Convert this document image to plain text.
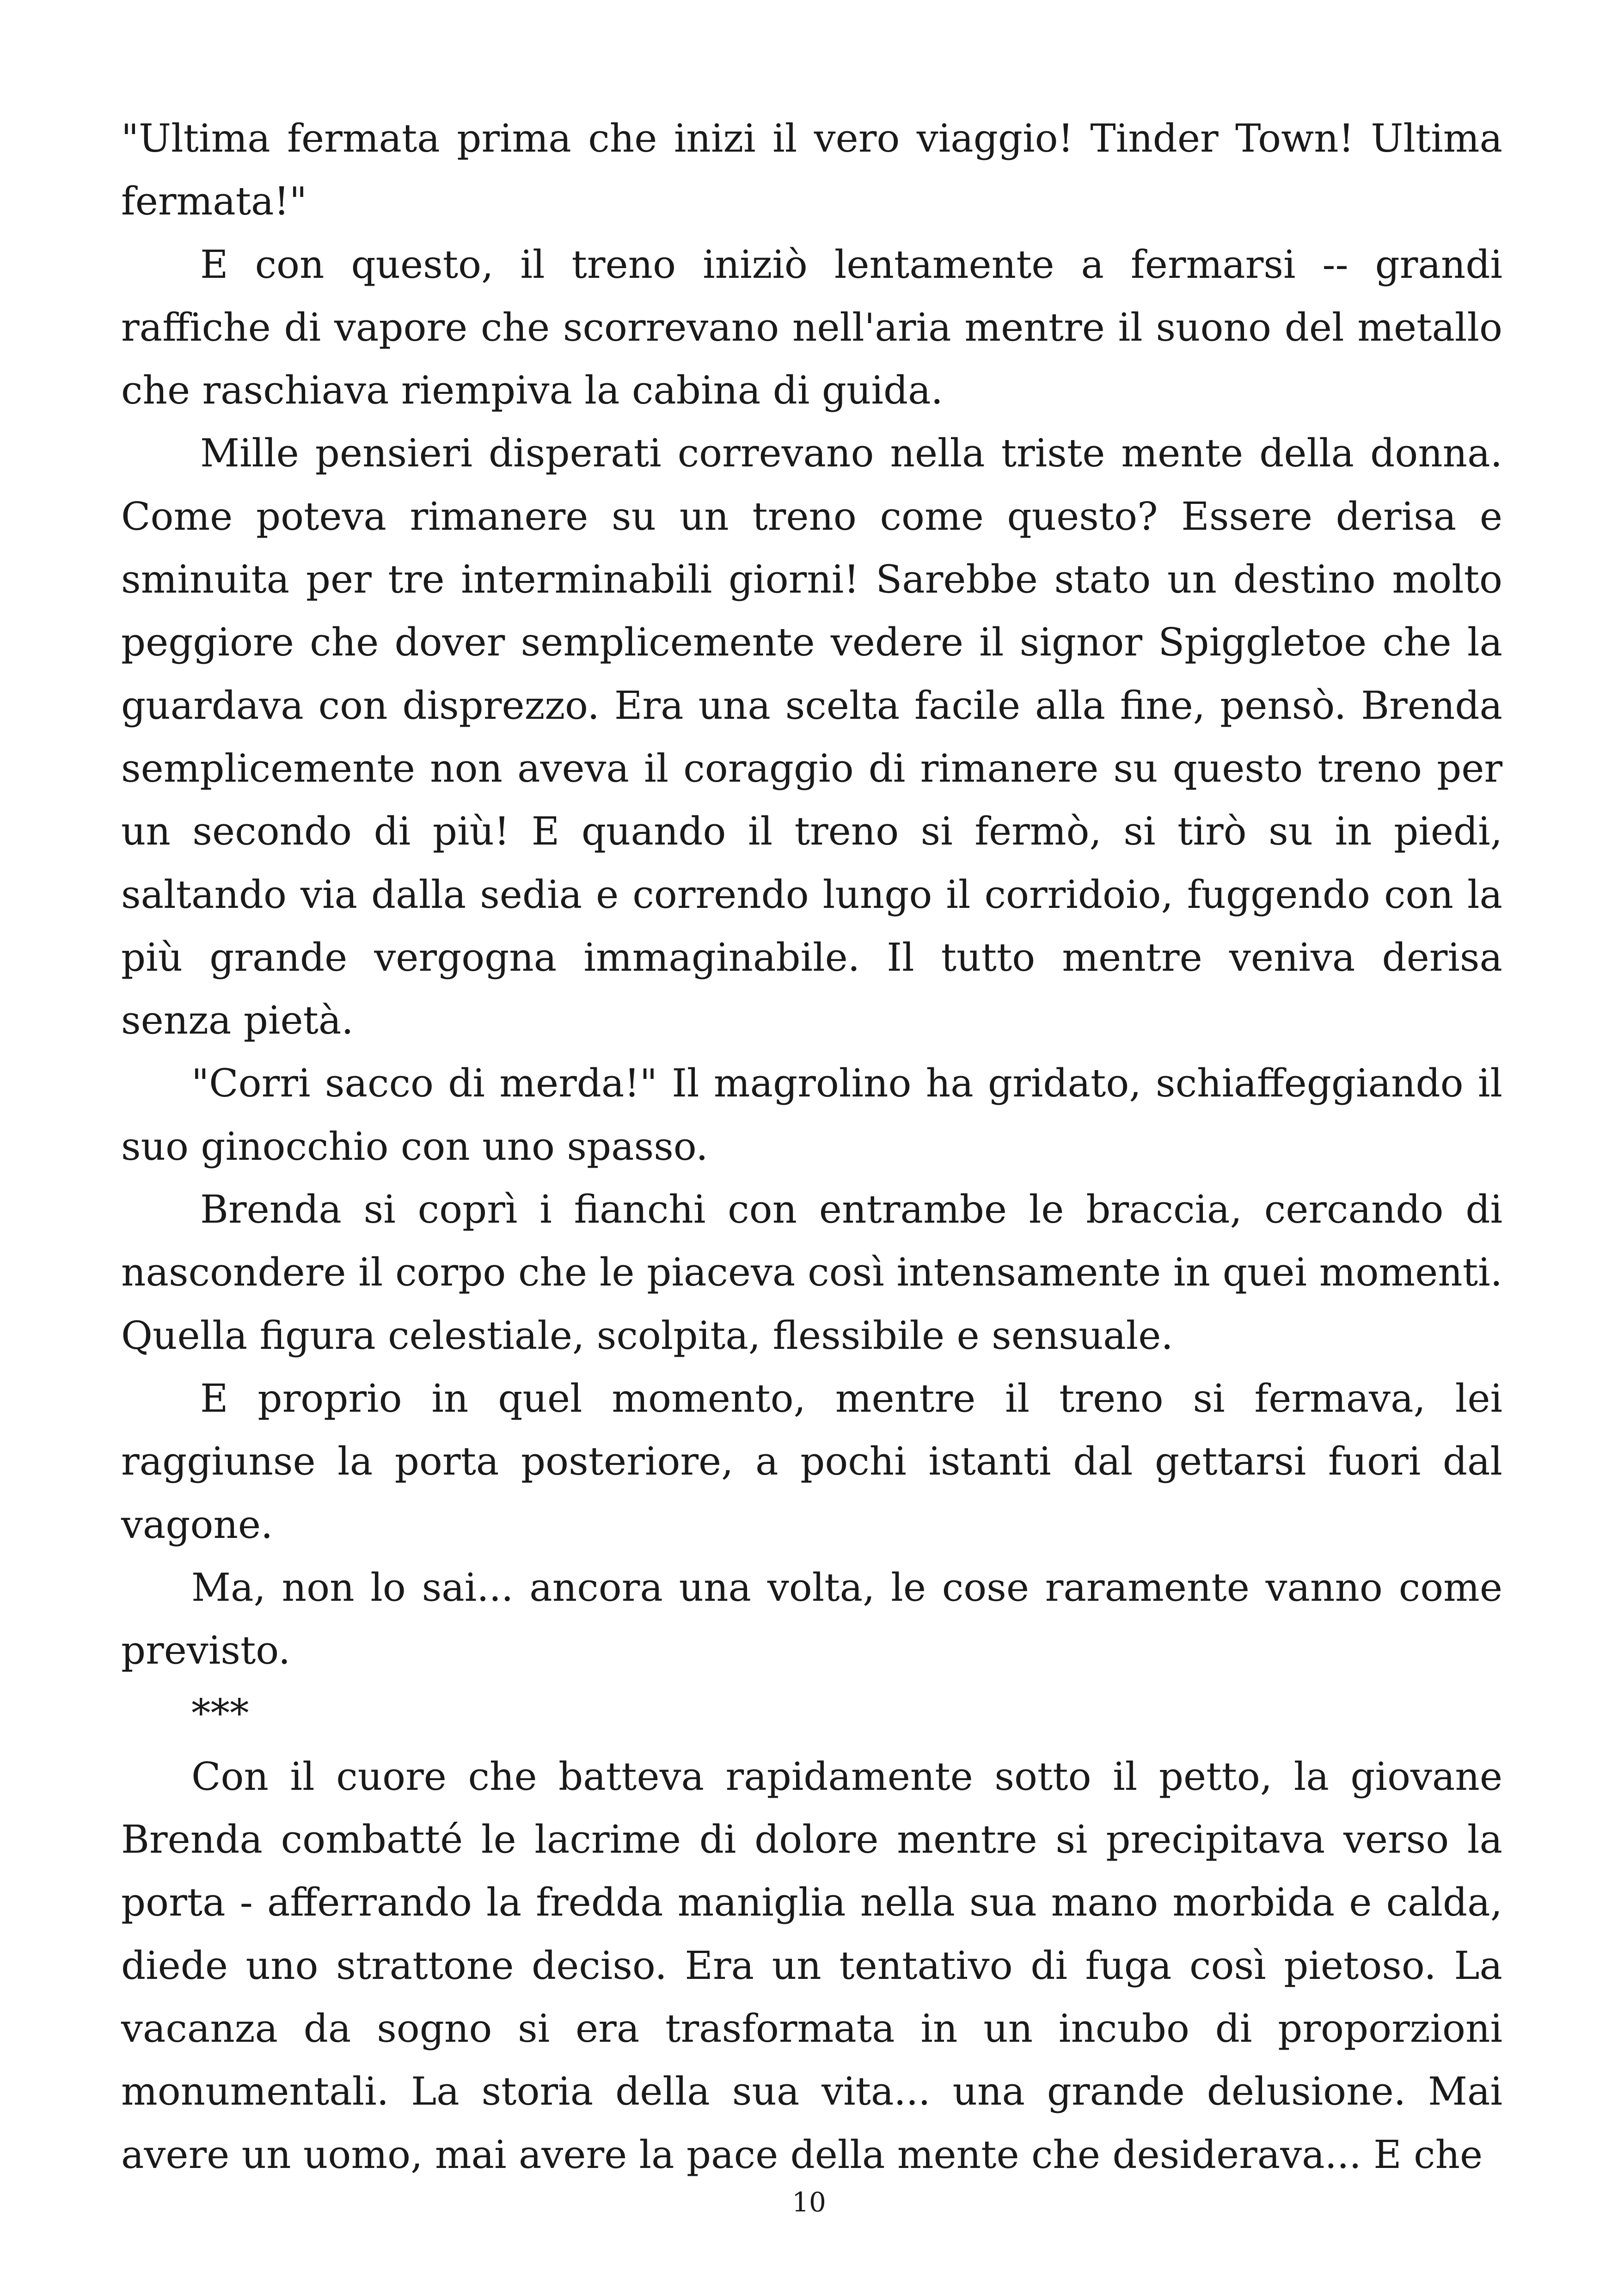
"Ultima fermata prima che inizi il vero viaggio! Tinder Town! Ultima fermata!"

E con questo, il treno iniziò lentamente a fermarsi -- grandi raffiche di vapore che scorrevano nell'aria mentre il suono del metallo che raschiava riempiva la cabina di guida.

Mille pensieri disperati correvano nella triste mente della donna. Come poteva rimanere su un treno come questo? Essere derisa e sminuita per tre interminabili giorni! Sarebbe stato un destino molto peggiore che dover semplicemente vedere il signor Spiggletoe che la guardava con disprezzo. Era una scelta facile alla fine, pensò. Brenda semplicemente non aveva il coraggio di rimanere su questo treno per un secondo di più! E quando il treno si fermò, si tirò su in piedi, saltando via dalla sedia e correndo lungo il corridoio, fuggendo con la più grande vergogna immaginabile. Il tutto mentre veniva derisa senza pietà.

"Corri sacco di merda!" Il magrolino ha gridato, schiaffeggiando il suo ginocchio con uno spasso.

Brenda si coprì i fianchi con entrambe le braccia, cercando di nascondere il corpo che le piaceva così intensamente in quei momenti. Quella figura celestiale, scolpita, flessibile e sensuale.

E proprio in quel momento, mentre il treno si fermava, lei raggiunse la porta posteriore, a pochi istanti dal gettarsi fuori dal vagone.

Ma, non lo sai... ancora una volta, le cose raramente vanno come previsto.

***

Con il cuore che batteva rapidamente sotto il petto, la giovane Brenda combatté le lacrime di dolore mentre si precipitava verso la porta - afferrando la fredda maniglia nella sua mano morbida e calda, diede uno strattone deciso. Era un tentativo di fuga così pietoso. La vacanza da sogno si era trasformata in un incubo di proporzioni monumentali. La storia della sua vita... una grande delusione. Mai avere un uomo, mai avere la pace della mente che desiderava... E che

10
